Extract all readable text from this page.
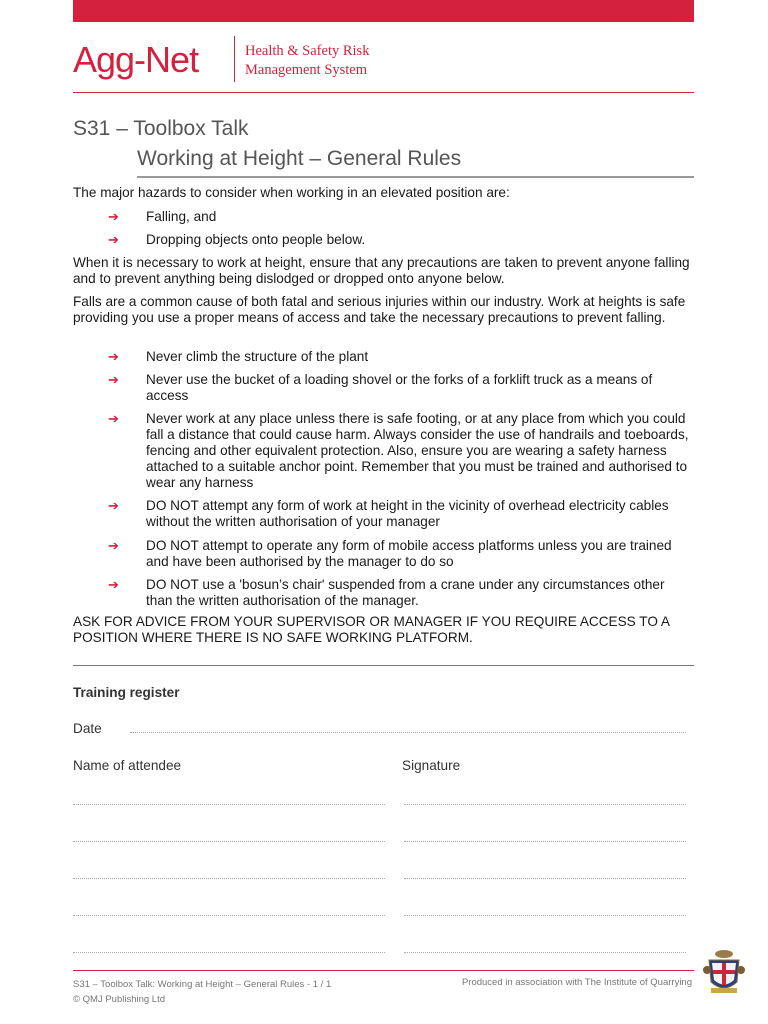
Agg-Net	Health & Safety Risk
Management System
S31 – Toolbox Talk
Working at Height – General Rules
The major hazards to consider when working in an elevated position are:
➔ Falling, and
➔ Dropping objects onto people below.
When it is necessary to work at height, ensure that any precautions are taken to prevent anyone falling and to prevent anything being dislodged or dropped onto anyone below.
Falls are a common cause of both fatal and serious injuries within our industry. Work at heights is safe providing you use a proper means of access and take the necessary precautions to prevent falling.
➔ Never climb the structure of the plant
➔ Never use the bucket of a loading shovel or the forks of a forklift truck as a means of access
➔ Never work at any place unless there is safe footing, or at any place from which you could fall a distance that could cause harm. Always consider the use of handrails and toeboards, fencing and other equivalent protection. Also, ensure you are wearing a safety harness attached to a suitable anchor point. Remember that you must be trained and authorised to wear any harness
➔ DO NOT attempt any form of work at height in the vicinity of overhead electricity cables without the written authorisation of your manager
➔ DO NOT attempt to operate any form of mobile access platforms unless you are trained and have been authorised by the manager to do so
➔ DO NOT use a 'bosun’s chair' suspended from a crane under any circumstances other than the written authorisation of the manager.
ASK FOR ADVICE FROM YOUR SUPERVISOR OR MANAGER IF YOU REQUIRE ACCESS TO A POSITION WHERE THERE IS NO SAFE WORKING PLATFORM.
Training register
Date
Name of attendee	Signature
S31 – Toolbox Talk: Working at Height – General Rules - 1 / 1
© QMJ Publishing Ltd
Produced in association with The Institute of Quarrying
